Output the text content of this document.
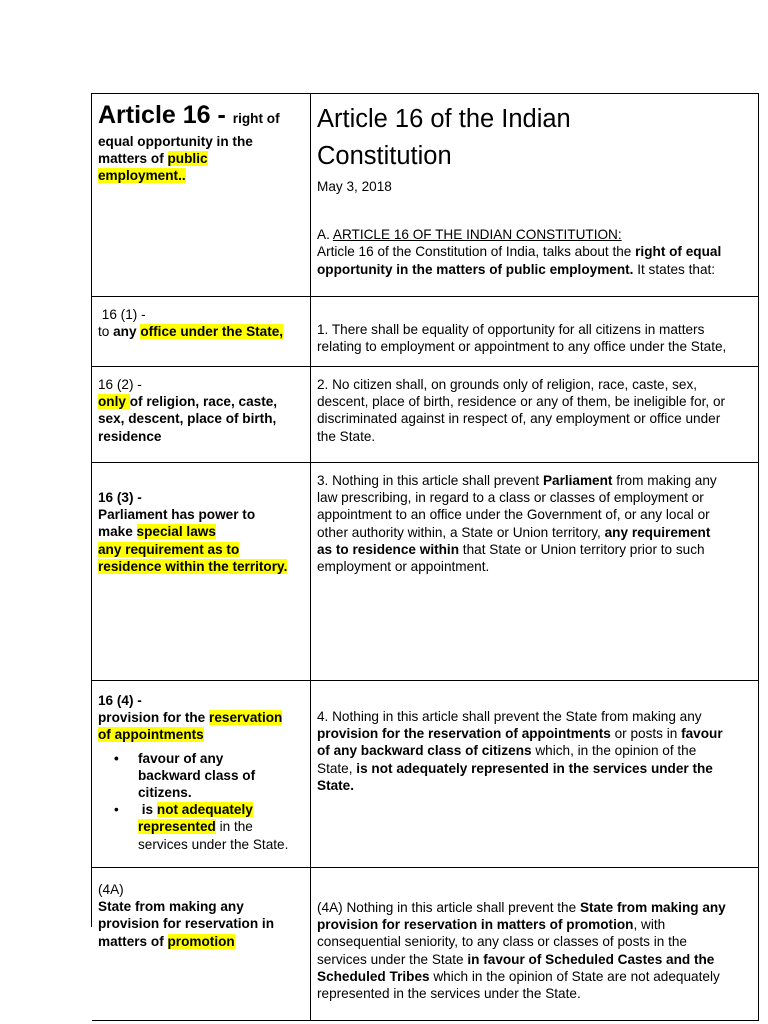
Article 16 - right of
equal opportunity in the
matters of public
employment..
Article 16 of the Indian
Constitution
May 3, 2018
A. ARTICLE 16 OF THE INDIAN CONSTITUTION:
Article 16 of the Constitution of India, talks about the right of equal
opportunity in the matters of public employment. It states that:
16 (1) -
to any office under the State,	1. There shall be equality of opportunity for all citizens in matters
relating to employment or appointment to any office under the State,
16 (2) -
only of religion, race, caste,
sex, descent, place of birth,
residence
2. No citizen shall, on grounds only of religion, race, caste, sex,
descent, place of birth, residence or any of them, be ineligible for, or
discriminated against in respect of, any employment or office under
the State.
16 (3) -
Parliament has power to
make special laws
any requirement as to
residence within the territory.
3. Nothing in this article shall prevent Parliament from making any
law prescribing, in regard to a class or classes of employment or
appointment to an office under the Government of, or any local or
other authority within, a State or Union territory, any requirement
as to residence within that State or Union territory prior to such
employment or appointment.
16 (4) -
provision for the reservation
of appointments
• favour of any
backward class of
citizens.
• is not adequately
represented in the
services under the State.
4. Nothing in this article shall prevent the State from making any
provision for the reservation of appointments or posts in favour
of any backward class of citizens which, in the opinion of the
State, is not adequately represented in the services under the
State.
(4A)
State from making any
provision for reservation in
matters of promotion
(4A) Nothing in this article shall prevent the State from making any
provision for reservation in matters of promotion, with
consequential seniority, to any class or classes of posts in the
services under the State in favour of Scheduled Castes and the
Scheduled Tribes which in the opinion of State are not adequately
represented in the services under the State.
